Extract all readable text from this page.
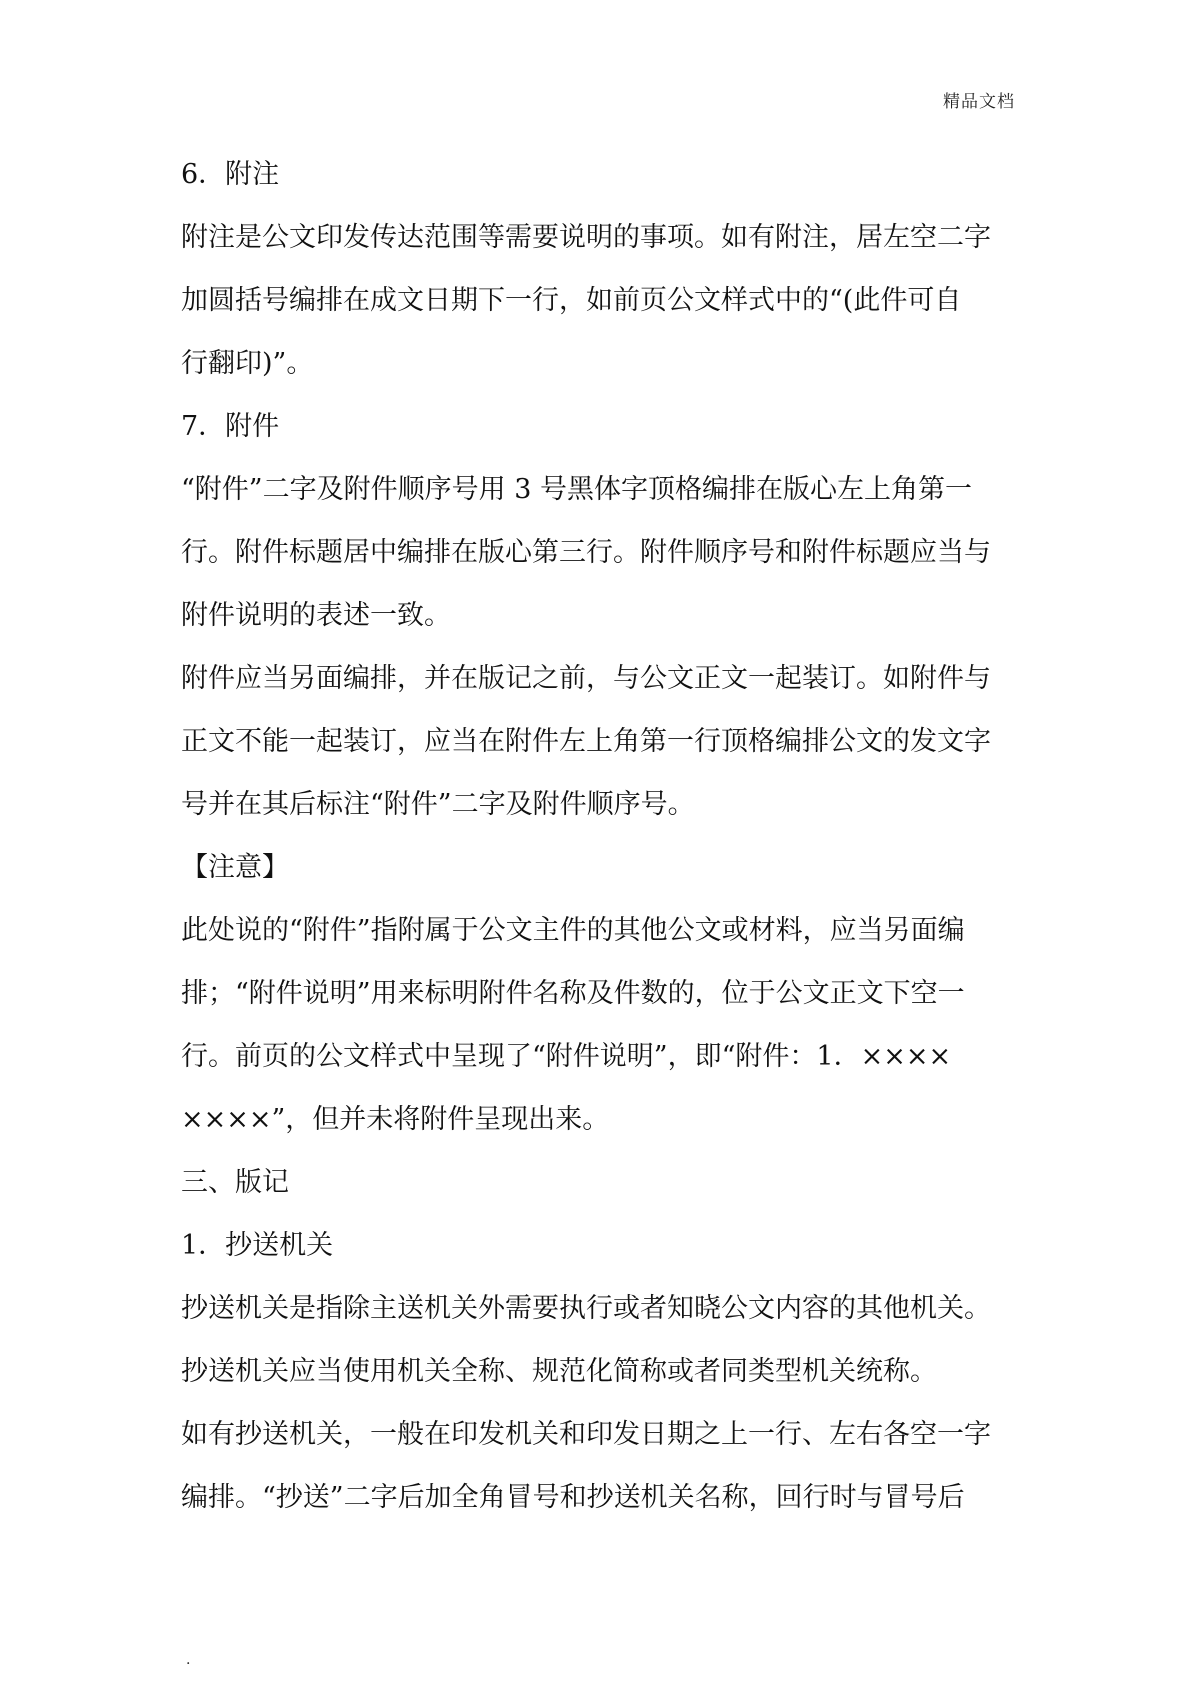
精品文档
6．附注
附注是公文印发传达范围等需要说明的事项。如有附注，居左空二字
加圆括号编排在成文日期下一行，如前页公文样式中的“(此件可自
行翻印)”。
7．附件
“附件”二字及附件顺序号用 3 号黑体字顶格编排在版心左上角第一
行。附件标题居中编排在版心第三行。附件顺序号和附件标题应当与
附件说明的表述一致。
附件应当另面编排，并在版记之前，与公文正文一起装订。如附件与
正文不能一起装订，应当在附件左上角第一行顶格编排公文的发文字
号并在其后标注“附件”二字及附件顺序号。
【注意】
此处说的“附件”指附属于公文主件的其他公文或材料，应当另面编
排；“附件说明”用来标明附件名称及件数的，位于公文正文下空一
行。前页的公文样式中呈现了“附件说明”，即“附件：1．××××
××××”，但并未将附件呈现出来。
三、版记
1．抄送机关
抄送机关是指除主送机关外需要执行或者知晓公文内容的其他机关。
抄送机关应当使用机关全称、规范化简称或者同类型机关统称。
如有抄送机关，一般在印发机关和印发日期之上一行、左右各空一字
编排。“抄送”二字后加全角冒号和抄送机关名称，回行时与冒号后
.
